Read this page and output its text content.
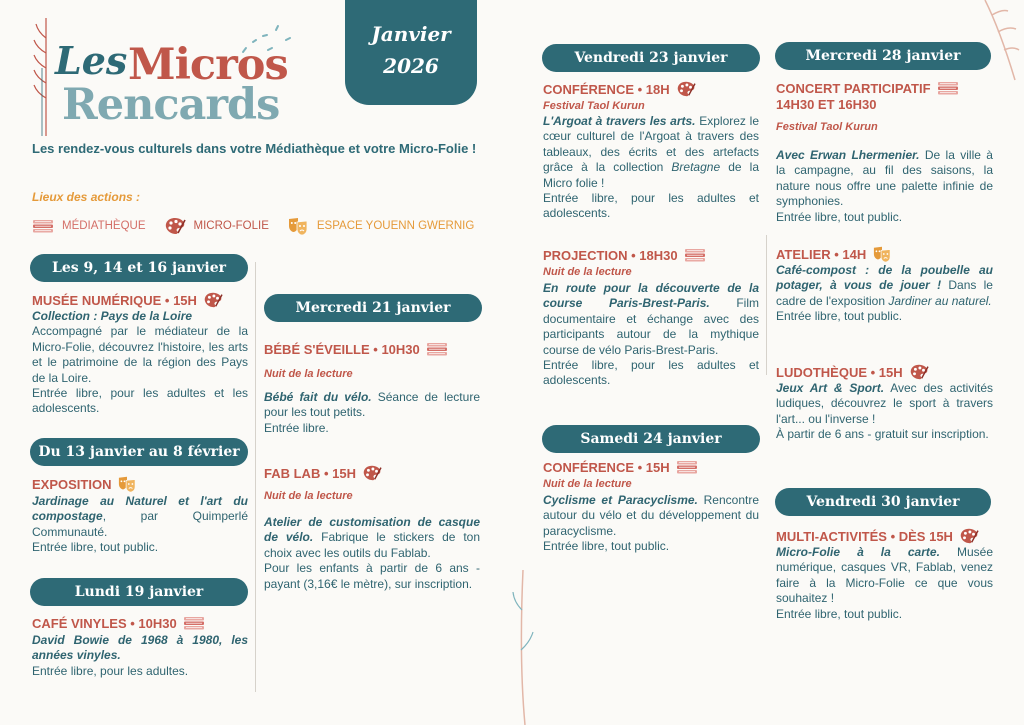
Les Micros
Rencards
Janvier
2026
Les rendez-vous culturels dans votre Médiathèque et votre Micro-Folie !
Lieux des actions :
MÉDIATHÈQUE	MICRO-FOLIE	ESPACE YOUENN GWERNIG
Les 9, 14 et 16 janvier
MUSÉE NUMÉRIQUE • 15H

Collection : Pays de la Loire
Accompagné par le médiateur de la Micro-Folie, découvrez l'histoire, les arts et le patrimoine de la région des Pays de la Loire.
Entrée libre, pour les adultes et les adolescents.

Du 13 janvier au 8 février
EXPOSITION

Jardinage au Naturel et l'art du compostage, par Quimperlé Communauté.
Entrée libre, tout public.

Lundi 19 janvier
CAFÉ VINYLES • 10H30

David Bowie de 1968 à 1980, les années vinyles.
Entrée libre, pour les adultes.

Mercredi 21 janvier
BÉBÉ S'ÉVEILLE • 10H30
Nuit de la lecture

Bébé fait du vélo. Séance de lecture pour les tout petits.
Entrée libre.

FAB LAB • 15H
Nuit de la lecture

Atelier de customisation de casque de vélo. Fabrique le stickers de ton choix avec les outils du Fablab.
Pour les enfants à partir de 6 ans - payant (3,16€ le mètre), sur inscription.

Vendredi 23 janvier
CONFÉRENCE • 18H
Festival Taol Kurun

L'Argoat à travers les arts. Explorez le cœur culturel de l'Argoat à travers des tableaux, des écrits et des artefacts grâce à la collection Bretagne de la Micro folie !
Entrée libre, pour les adultes et adolescents.

PROJECTION • 18H30
Nuit de la lecture

En route pour la découverte de la course Paris-Brest-Paris. Film documentaire et échange avec des participants autour de la mythique course de vélo Paris-Brest-Paris.
Entrée libre, pour les adultes et adolescents.

Samedi 24 janvier
CONFÉRENCE • 15H
Nuit de la lecture

Cyclisme et Paracyclisme. Rencontre autour du vélo et du développement du paracyclisme.
Entrée libre, tout public.

Mercredi 28 janvier
CONCERT PARTICIPATIF
14H30 ET 16H30
Festival Taol Kurun

Avec Erwan Lhermenier. De la ville à la campagne, au fil des saisons, la nature nous offre une palette infinie de symphonies.
Entrée libre, tout public.

ATELIER • 14H

Café-compost : de la poubelle au potager, à vous de jouer ! Dans le cadre de l'exposition Jardiner au naturel.
Entrée libre, tout public.

LUDOTHÈQUE • 15H

Jeux Art & Sport. Avec des activités ludiques, découvrez le sport à travers l'art... ou l'inverse !
À partir de 6 ans - gratuit sur inscription.

Vendredi 30 janvier
MULTI-ACTIVITÉS • DÈS 15H

Micro-Folie à la carte. Musée numérique, casques VR, Fablab, venez faire à la Micro-Folie ce que vous souhaitez !
Entrée libre, tout public.
